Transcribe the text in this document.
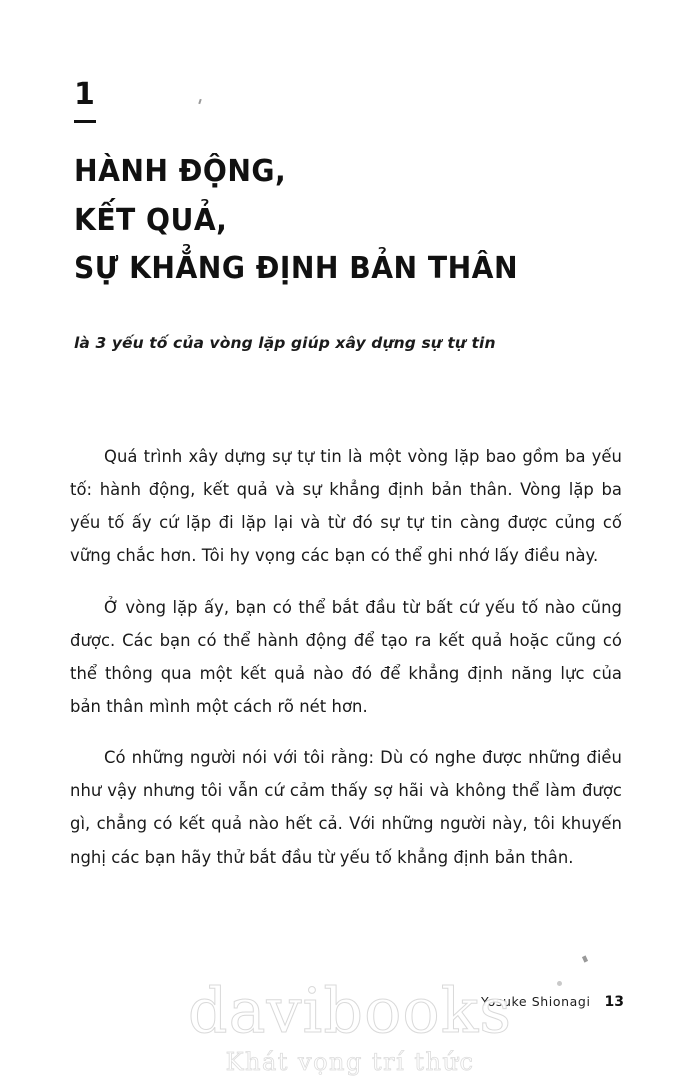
1
HÀNH ĐỘNG,
KẾT QUẢ,
SỰ KHẲNG ĐỊNH BẢN THÂN
là 3 yếu tố của vòng lặp giúp xây dựng sự tự tin

Quá trình xây dựng sự tự tin là một vòng lặp bao gồm ba yếu tố: hành động, kết quả và sự khẳng định bản thân. Vòng lặp ba yếu tố ấy cứ lặp đi lặp lại và từ đó sự tự tin càng được củng cố vững chắc hơn. Tôi hy vọng các bạn có thể ghi nhớ lấy điều này.

Ở vòng lặp ấy, bạn có thể bắt đầu từ bất cứ yếu tố nào cũng được. Các bạn có thể hành động để tạo ra kết quả hoặc cũng có thể thông qua một kết quả nào đó để khẳng định năng lực của bản thân mình một cách rõ nét hơn.

Có những người nói với tôi rằng: Dù có nghe được những điều như vậy nhưng tôi vẫn cứ cảm thấy sợ hãi và không thể làm được gì, chẳng có kết quả nào hết cả. Với những người này, tôi khuyến nghị các bạn hãy thử bắt đầu từ yếu tố khẳng định bản thân.

Yosuke Shionagi 13
davibooks
Khát vọng trí thức
